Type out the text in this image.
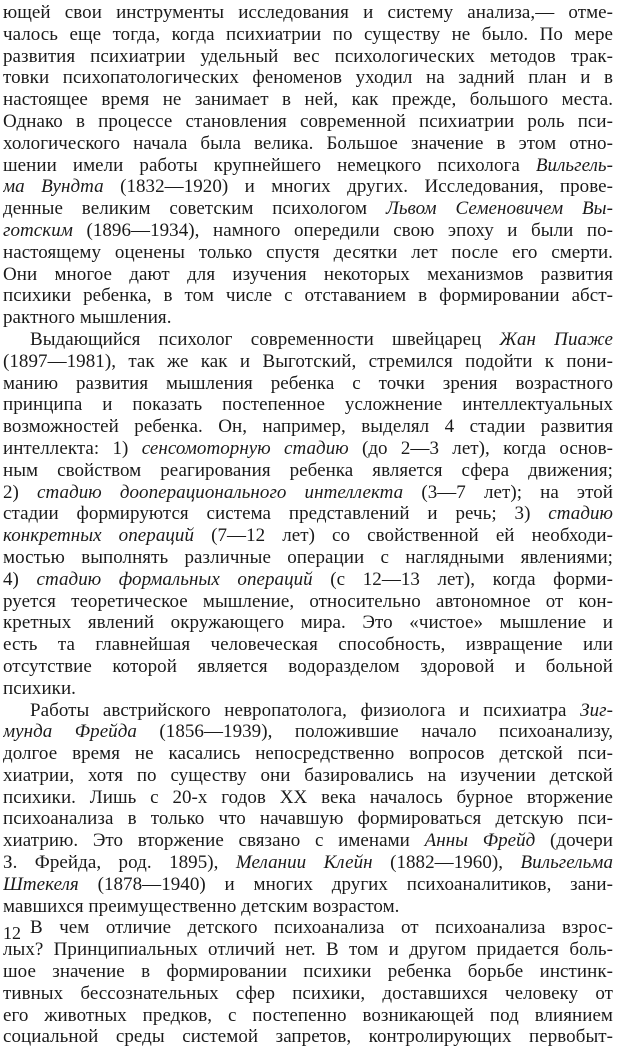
ющей свои инструменты исследования и систему анализа,— отме-
чалось еще тогда, когда психиатрии по существу не было. По мере
развития психиатрии удельный вес психологических методов трак-
товки психопатологических феноменов уходил на задний план и в
настоящее время не занимает в ней, как прежде, большого места.
Однако в процессе становления современной психиатрии роль пси-
хологического начала была велика. Большое значение в этом отно-
шении имели работы крупнейшего немецкого психолога Вильгель-
ма Вундта (1832—1920) и многих других. Исследования, прове-
денные великим советским психологом Львом Семеновичем Вы-
готским (1896—1934), намного опередили свою эпоху и были по-
настоящему оценены только спустя десятки лет после его смерти.
Они многое дают для изучения некоторых механизмов развития
психики ребенка, в том числе с отставанием в формировании абст-
рактного мышления.
Выдающийся психолог современности швейцарец Жан Пиаже
(1897—1981), так же как и Выготский, стремился подойти к пони-
манию развития мышления ребенка с точки зрения возрастного
принципа и показать постепенное усложнение интеллектуальных
возможностей ребенка. Он, например, выделял 4 стадии развития
интеллекта: 1) сенсомоторную стадию (до 2—3 лет), когда основ-
ным свойством реагирования ребенка является сфера движения;
2) стадию дооперационального интеллекта (3—7 лет); на этой
стадии формируются система представлений и речь; 3) стадию
конкретных операций (7—12 лет) со свойственной ей необходи-
мостью выполнять различные операции с наглядными явлениями;
4) стадию формальных операций (с 12—13 лет), когда форми-
руется теоретическое мышление, относительно автономное от кон-
кретных явлений окружающего мира. Это «чистое» мышление и
есть та главнейшая человеческая способность, извращение или
отсутствие которой является водоразделом здоровой и больной
психики.
Работы австрийского невропатолога, физиолога и психиатра Зиг-
мунда Фрейда (1856—1939), положившие начало психоанализу,
долгое время не касались непосредственно вопросов детской пси-
хиатрии, хотя по существу они базировались на изучении детской
психики. Лишь с 20-х годов XX века началось бурное вторжение
психоанализа в только что начавшую формироваться детскую пси-
хиатрию. Это вторжение связано с именами Анны Фрейд (дочери
З. Фрейда, род. 1895), Мелании Клейн (1882—1960), Вильгельма
Штекеля (1878—1940) и многих других психоаналитиков, зани-
мавшихся преимущественно детским возрастом.
В чем отличие детского психоанализа от психоанализа взрос-
лых? Принципиальных отличий нет. В том и другом придается боль-
шое значение в формировании психики ребенка борьбе инстинк-
тивных бессознательных сфер психики, доставшихся человеку от
его животных предков, с постепенно возникающей под влиянием
социальной среды системой запретов, контролирующих первобыт-
12
